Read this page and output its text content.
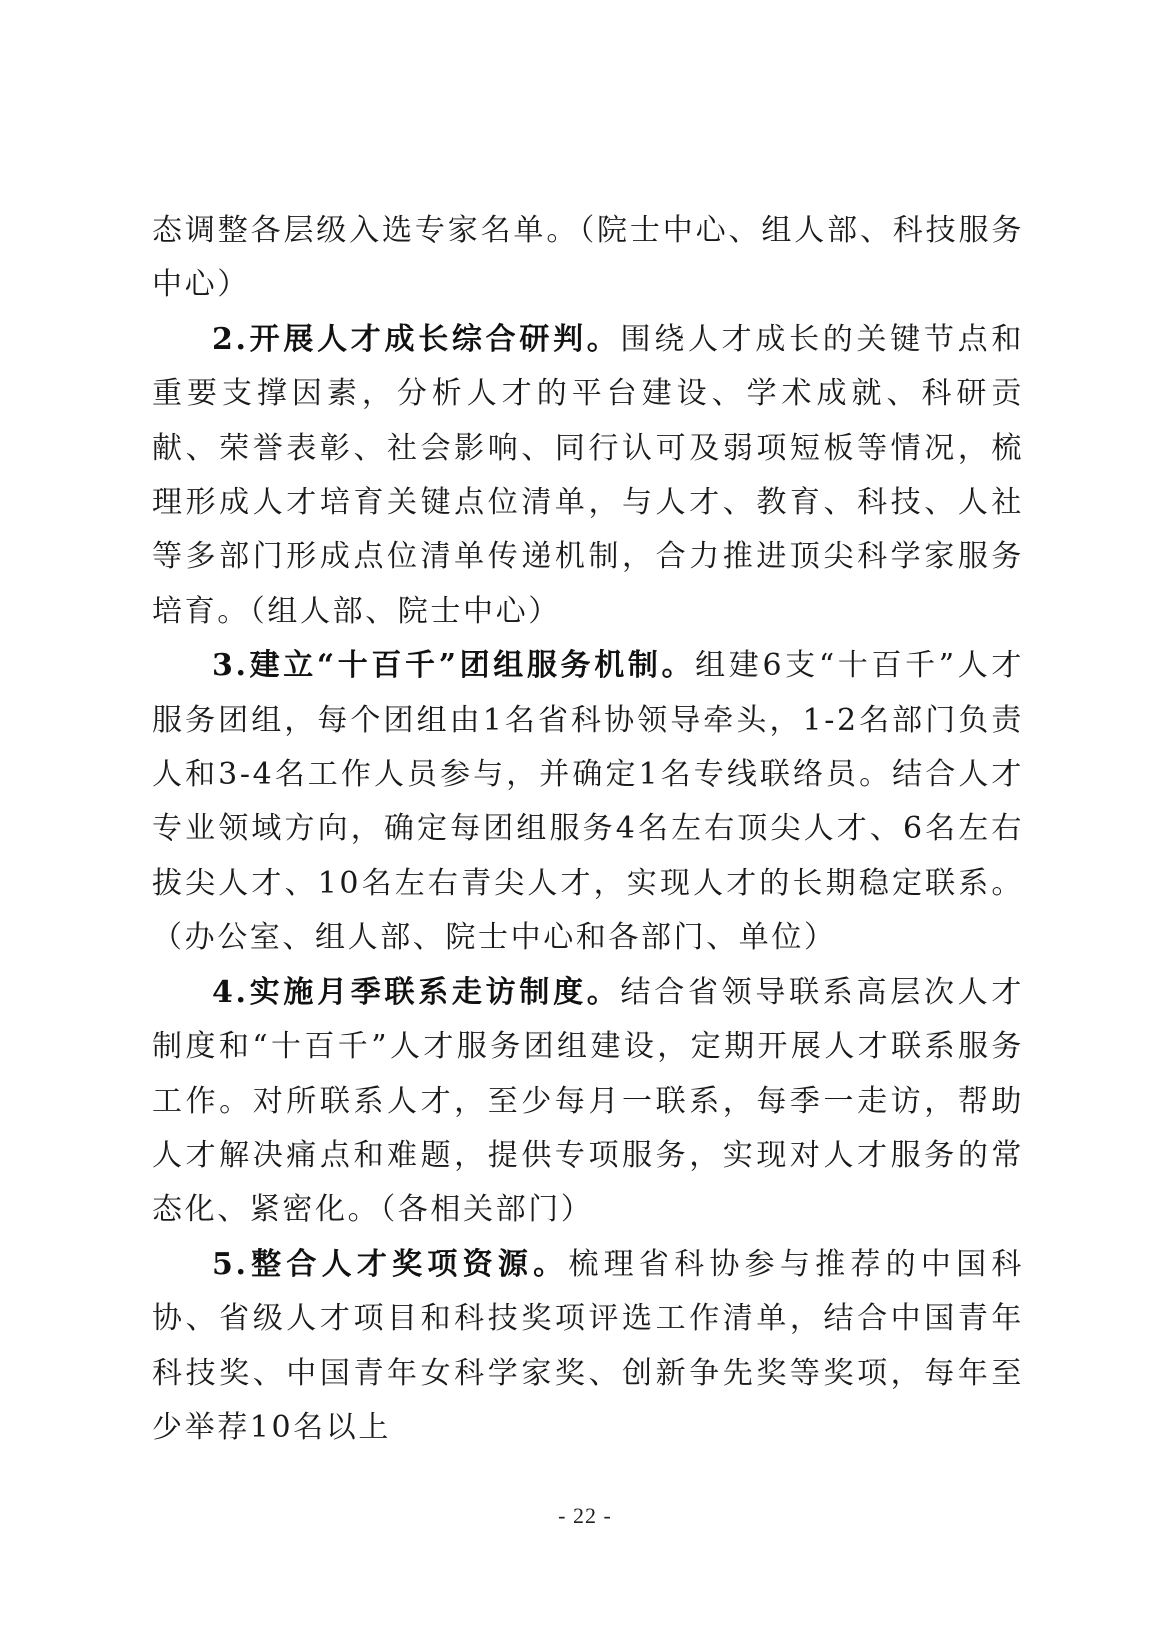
态调整各层级入选专家名单。（院士中心、组人部、科技服务中心）

2.开展人才成长综合研判。围绕人才成长的关键节点和重要支撑因素，分析人才的平台建设、学术成就、科研贡献、荣誉表彰、社会影响、同行认可及弱项短板等情况，梳理形成人才培育关键点位清单，与人才、教育、科技、人社等多部门形成点位清单传递机制，合力推进顶尖科学家服务培育。（组人部、院士中心）

3.建立“十百千”团组服务机制。组建6支“十百千”人才服务团组，每个团组由1名省科协领导牵头，1-2名部门负责人和3-4名工作人员参与，并确定1名专线联络员。结合人才专业领域方向，确定每团组服务4名左右顶尖人才、6名左右拔尖人才、10名左右青尖人才，实现人才的长期稳定联系。（办公室、组人部、院士中心和各部门、单位）

4.实施月季联系走访制度。结合省领导联系高层次人才制度和“十百千”人才服务团组建设，定期开展人才联系服务工作。对所联系人才，至少每月一联系，每季一走访，帮助人才解决痛点和难题，提供专项服务，实现对人才服务的常态化、紧密化。（各相关部门）

5.整合人才奖项资源。梳理省科协参与推荐的中国科协、省级人才项目和科技奖项评选工作清单，结合中国青年科技奖、中国青年女科学家奖、创新争先奖等奖项，每年至少举荐10名以上

- 22 -
